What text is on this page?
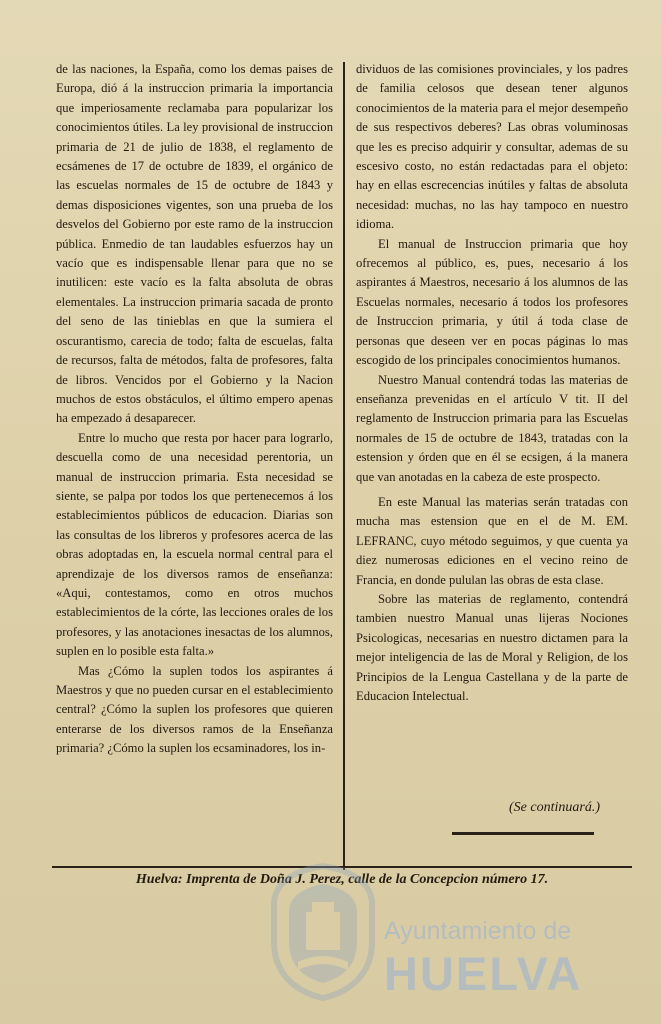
de las naciones, la España, como los demas paises de Europa, dió á la instruccion primaria la importancia que imperiosamente reclamaba para popularizar los conocimientos útiles. La ley provisional de instruccion primaria de 21 de julio de 1838, el reglamento de ecsámenes de 17 de octubre de 1839, el orgánico de las escuelas normales de 15 de octubre de 1843 y demas disposiciones vigentes, son una prueba de los desvelos del Gobierno por este ramo de la instruccion pública. Enmedio de tan laudables esfuerzos hay un vacío que es indispensable llenar para que no se inutilicen: este vacío es la falta absoluta de obras elementales. La instruccion primaria sacada de pronto del seno de las tinieblas en que la sumiera el oscurantismo, carecia de todo; falta de escuelas, falta de recursos, falta de métodos, falta de profesores, falta de libros. Vencidos por el Gobierno y la Nacion muchos de estos obstáculos, el último empero apenas ha empezado á desaparecer.

Entre lo mucho que resta por hacer para lograrlo, descuella como de una necesidad perentoria, un manual de instruccion primaria. Esta necesidad se siente, se palpa por todos los que pertenecemos á los establecimientos públicos de educacion. Diarias son las consultas de los libreros y profesores acerca de las obras adoptadas en, la escuela normal central para el aprendizaje de los diversos ramos de enseñanza: «Aqui, contestamos, como en otros muchos establecimientos de la córte, las lecciones orales de los profesores, y las anotaciones inesactas de los alumnos, suplen en lo posible esta falta.»

Mas ¿Cómo la suplen todos los aspirantes á Maestros y que no pueden cursar en el establecimiento central? ¿Cómo la suplen los profesores que quieren enterarse de los diversos ramos de la Enseñanza primaria? ¿Cómo la suplen los ecsaminadores, los in-

dividuos de las comisiones provinciales, y los padres de familia celosos que desean tener algunos conocimientos de la materia para el mejor desempeño de sus respectivos deberes? Las obras voluminosas que les es preciso adquirir y consultar, ademas de su escesivo costo, no están redactadas para el objeto: hay en ellas escrecencias inútiles y faltas de absoluta necesidad: muchas, no las hay tampoco en nuestro idioma.

El manual de Instruccion primaria que hoy ofrecemos al público, es, pues, necesario á los aspirantes á Maestros, necesario á los alumnos de las Escuelas normales, necesario á todos los profesores de Instruccion primaria, y útil á toda clase de personas que deseen ver en pocas páginas lo mas escogido de los principales conocimientos humanos.

Nuestro Manual contendrá todas las materias de enseñanza prevenidas en el artículo V tit. II del reglamento de Instruccion primaria para las Escuelas normales de 15 de octubre de 1843, tratadas con la estension y órden que en él se ecsigen, á la manera que van anotadas en la cabeza de este prospecto.

En este Manual las materias serán tratadas con mucha mas estension que en el de M. EM. LEFRANC, cuyo método seguimos, y que cuenta ya diez numerosas ediciones en el vecino reino de Francia, en donde pululan las obras de esta clase.

Sobre las materias de reglamento, contendrá tambien nuestro Manual unas lijeras Nociones Psicologicas, necesarias en nuestro dictamen para la mejor inteligencia de las de Moral y Religion, de los Principios de la Lengua Castellana y de la parte de Educacion Intelectual.

(Se continuará.)
Huelva: Imprenta de Doña J. Perez, calle de la Concepcion número 17.
Ayuntamiento de
HUELVA
